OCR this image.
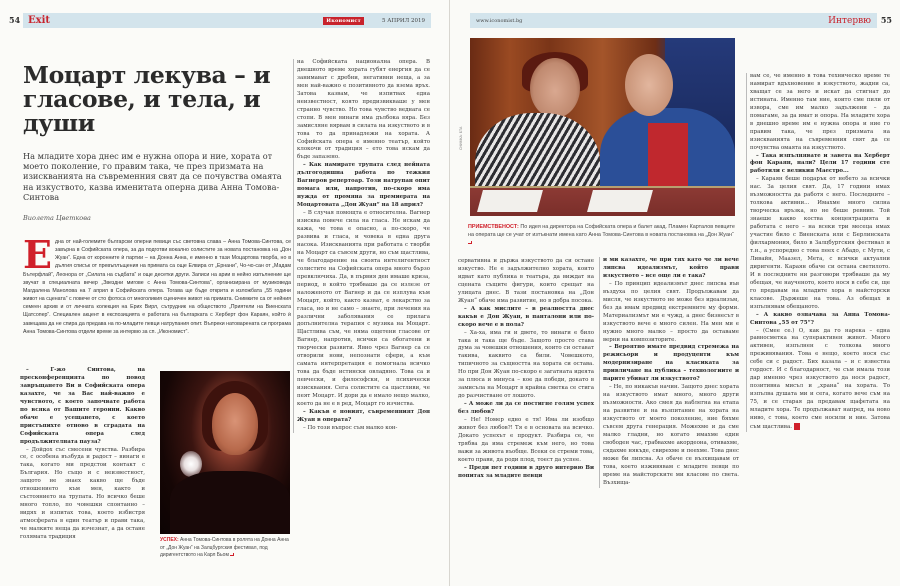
54 Exit	Икономист	5 АПРИЛ 2019
Моцарт лекува – и гласове, и тела, и души

На младите хора днес им е нужна опора и ние, хората от моето поколение, го правим така, че през призмата на изискванията на съвременния свят да се почувства омаята на изкуството, казва именитата оперна дива Анна Томова-Синтова

Виолета Цветкова

Е дна от най-големите български оперни певици със световна слава – Анна Томова-Синтова, се завърна в Софийската опера, за да подготви вокално солистите за новата постановка на „Дон Жуан“. Една от коронните ѝ партии – на Донна Анна, е именно в тази Моцартова творба, но в дългия списък от превъплъщения на примата са още Елвира от „Ернани“, Чо-чо-сан от „Мадам Бътерфлай“, Леонора от „Силата на съдбата“ и още десетки други. Записи на арии в нейно изпълнение ще звучат в специалната вечер „Звездни мигове с Анна Томова-Синтова“, организирана от музиковеда Магдалена Манолова на 7 април в Софийската опера. Тогава ще бъде открита и изложбата „55 години живот на сцената“ с повече от сто фотоса от многоликия сценичен живот на примата. Снимките са от нейния семеен архив и от личната колекция на Ерих Вирл, сътрудник на обществото „Приятели на Виенската Щатсопер“. Специален акцент в експозицията е работата на българката с Херберт фон Караян, който ѝ завещава да не спира да предава на по-младите певци натрупания опит. Въпреки натоварената си програма Анна Томова-Синтова отдели време за интервю за сп. „Икономист“.

– Г-жо Синтова, на пресконференцията по повод завръщането Ви в Софийската опера казахте, че за Вас най-важно е чувството, с което започвате работа по всяка от Вашите героини. Какво обаче е усещането, с което пристъпихте отново в сградата на Софийската опера след продължителната пауза?

– Дойдох със смесени чувства. Разбира се, с особена възбуда и радост – винаги е така, когато ми предстои контакт с България. Но също и с неизвестност, защото не знаех какво ще бъде отношението към мен, както и състоянието на трупата. Но всичко беше много топло, по човешки спонтанно – видях и изпитах това, което избистря атмосферата в един театър и прави така, че малките неща да изчезнат, а да остане голямата традиция	УСПЕХ: Анна Томова-Синтова в ролята на Донна Анна от „Дон Жуан“ на Залцбургския фестивал, под диригентството на Карл Бьом

на Софийската национална опера. В днешното време хората губят енергия да се занимават с дребни, негативни неща, а за мен най-важно е позитивното да взема връх. Затова казвам, че изпитвах една неизвестност, която предизвикваше у мен странно чувство. Но това чувство веднага се стопи. В мен винаги има дълбока вяра. Без замисляне вярвам в силата на изкуството и в това то да принадлежи на хората. А Софийската опера е именно театър, който клокочи от традиция – ето това искам да бъде запазено.

– Как намирате трупата след нейната дългогодишна работа по тежкия Вагнеров репертоар. Този натрупан опит помага или, напротив, по-скоро има нужда от промяна за премиерата на Моцартовата „Дон Жуан“ на 18 април?

– В случая помощта е относителна. Вагнер изисква повече сила на гласа. Не искам да кажа, че това е опасно, а по-скоро, че развива и гласа, и човека в една друга насока. Изискванията при работата с творби на Моцарт са съвсем други, но съм щастлива, че благодарение на своята интелигентност солистите на Софийската опера много бързо превключиха. Да, в първия ден имаше криза, период, в който трябваше да се излезе от наложеното от Вагнер и да се изплува към Моцарт, който, както казват, е лекарство за гласа, но и не само – знаете, при лечения на различни заболявания се прилага допълнителна терапия с музика на Моцарт. Щастлива съм, че няма ощетени гласове от Вагнер, напротив, всички са обогатени и творчески развити. Явно чрез Вагнер са се отворили нови, непознати сфери, а към самата интерпретация е помогнала всичко това да бъде истински овладяно. Това са и певчески, и философски, и психически изисквания. Сега солистите са щастливи, че пеят Моцарт. И дори да е имало нещо малко, което да не е в ред, Моцарт го изчиства.

– Какъв е новият, съвременният Дон Жуан в операта?

– По този въпрос съм малко кон-

www.iconomist.bg	Интервю 55
СНИМКА: БТА

ПРИЕМСТВЕНОСТ: По идея на директора на Софийската опера и балет акад. Пламен Карталов певците на операта ще се учат от изтъкнати имена като Анна Томова-Синтова в новата постановка на „Дон Жуан“

сервативна и държа изкуството да си остане изкуство. Не е задължително хората, които идват като публика в театъра, да виждат на сцената същите фигури, които срещат на улицата днес. В тази постановка на „Дон Жуан“ обаче има развитие, но в добра посока.

– А как мислите – в реалността днес какъв е Дон Жуан, в панталони или по-скоро вече е в пола?

– Ха-ха, има ги и двете, то винаги е било така и така ще бъде. Защото просто става дума за човешки отношения, които си остават такива, каквито са били. Човешкото, типичното за същността на хората си остава. Но при Дон Жуан по-скоро е загатната идеята за плюса и минуса – кое да победи, докато в замисъла на Моцарт в крайна сметка се стига до разчистване от лошото.

– А може ли да се постигне голям успех без любов?

– Не! Номер едно е тя! Има ли изобщо живот без любов?! Тя е в основата на всичко. Докато успехът е продукт. Разбира се, че трябва да има стремеж към него, но това важи за живота въобще. Всеки се стреми това, което прави, да роди плод, тоест да успее.

– Преди пет години в друго интервю Ви попитах за младите певци

и ми казахте, че при тях като че ли вече липсва идеализмът, който прави изкуството – все още ли е така?

– По принцип идеализмът днес липсва във въздуха по целия свят. Продължавам да мисля, че изкуството не може без идеализъм, без да имам предвид екстремните му форми. Материализмът ми е чужд, а днес бизнесът в изкуството вече е много силен. На мен ми е нужно много малко – просто да оставаме верни на композиторите.

– Вероятно имате предвид стремежа на режисьори и продуценти към модернизиране на класиката за привличане на публика – технологиите и парите убиват ли изкуството?

– Не, по никакъв начин. Защото днес хората на изкуството имат много, много други възможности. Ако смея да наблегна на етапа на развитие и на възпитание на хората на изкуството от моето поколение, ние бяхме съвсем друга генерация. Можехме и да сме малко гладни, но когато имахме един свободен час, грабвахме акордеона, отивахме, сядахме някъде, свирехме и пеехме. Това днес може би липсва. Аз обаче се възхищавам от това, което изживявам с младите певци по време на майсторските ми класове по света. Възхища-

вам се, че именно в това техническо време те намират вдъхновение в изкуството, жадни са, хващат се за него и искат да стигнат до истината. Именно там ние, които сме пили от извора, сме им малко задължени – да помагаме, за да имат и опора. На младите хора в днешно време им е нужна опора и ние го правим така, че през призмата на изискванията на съвременния свят да се почувства омаята на изкуството.

– Така изпълнявате и завета на Херберт фон Караян, нали? Цели 17 години сте работили с великия Маестро...

– Караян беше подарък от небето за всички нас. За целия свят. Да, 17 години имах възможността да работя с него. Последните – толкова активни... Имахме много силна творческа връзка, но не беше ревнив. Той знаеше какво коства концентрацията и работата с него – на всеки три месеца имах участие било с Виенската или с Берлинската филхармония, било в Залцбургския фестивал и т.н., а успоредно с това пеех с Абадо, с Мути, с Ливайн, Маазел, Мета, с всички актуални диригенти. Караян обаче си остана светилото. И в последните ни разговори трябваше да му обещая, че наученото, което нося в себе си, ще го предавам на младите хора в майсторски класове. Държеше на това. Аз обещах и изпълнявам обещаното.

– А какво означава за Анна Томова-Синтова „55 от 75“?

– (Смее се.) О, как да го нарека – една равносметка на суперактивен живот. Много активен, изпълнен с толкова много преживявания. Това е нещо, което нося със себе си с радост. Бих казала – и с известна гордост. И с благодарност, че съм имала този дар именно чрез изкуството да нося радост, позитивна мисъл и „храна“ на хората. То изпълва душата ми и сега, когато вече съм на 75, и се старая да предавам щафетата на младите хора. Те продължават напред, на ново ниво, с това, което сме носили и ние. Затова съм щастлива.
